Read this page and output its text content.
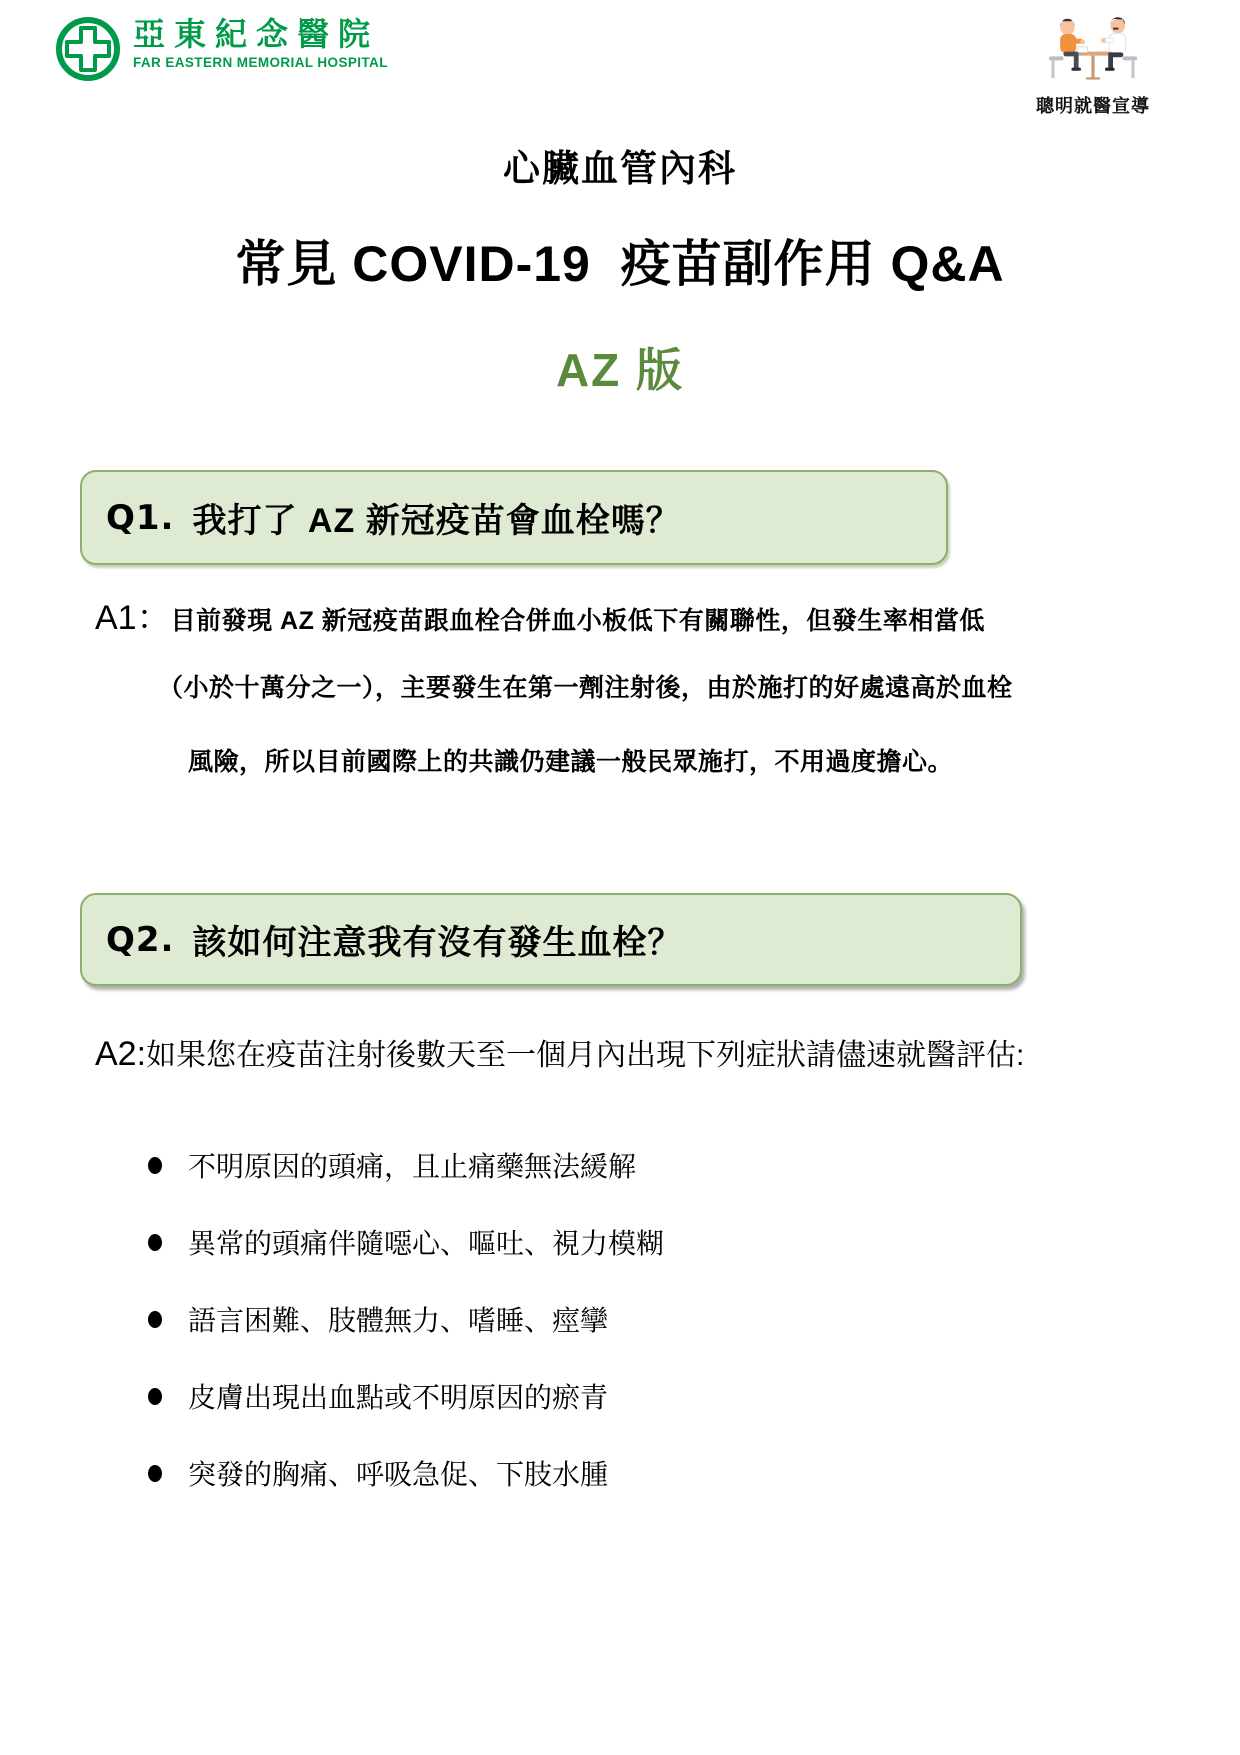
亞東紀念醫院
FAR EASTERN MEMORIAL HOSPITAL
聰明就醫宣導
心臟血管內科
常見 COVID-19  疫苗副作用 Q&A
AZ 版
Q1. 我打了 AZ 新冠疫苗會血栓嗎？
A1：目前發現 AZ 新冠疫苗跟血栓合併血小板低下有關聯性，但發生率相當低
（小於十萬分之一），主要發生在第一劑注射後，由於施打的好處遠高於血栓
風險，所以目前國際上的共識仍建議一般民眾施打，不用過度擔心。
Q2. 該如何注意我有沒有發生血栓？
A2:如果您在疫苗注射後數天至一個月內出現下列症狀請儘速就醫評估:
不明原因的頭痛，且止痛藥無法緩解
異常的頭痛伴隨噁心、嘔吐、視力模糊
語言困難、肢體無力、嗜睡、痙攣
皮膚出現出血點或不明原因的瘀青
突發的胸痛、呼吸急促、下肢水腫
